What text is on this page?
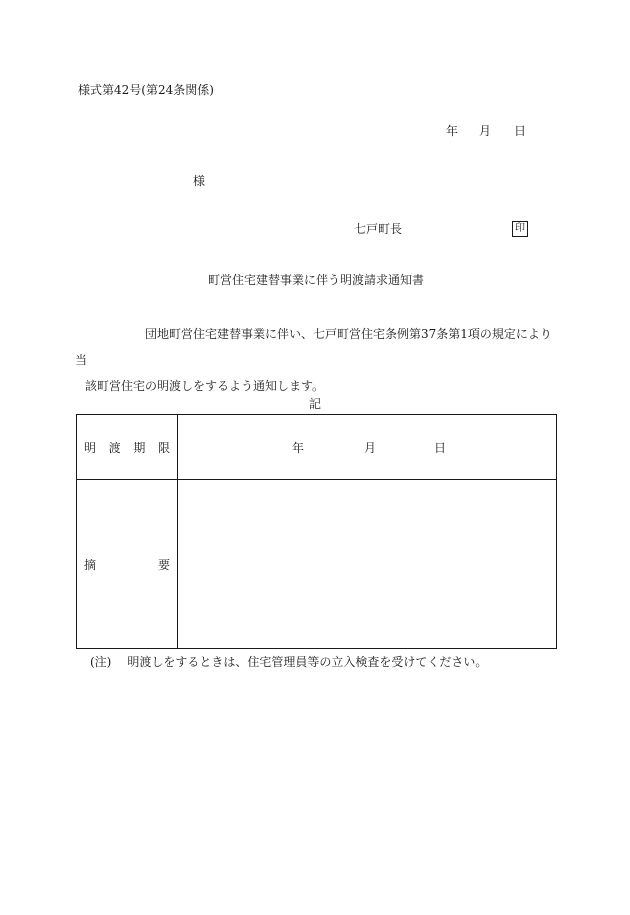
様式第42号(第24条関係)
年 月 日
様
七戸町長	印
町営住宅建替事業に伴う明渡請求通知書

団地町営住宅建替事業に伴い、七戸町営住宅条例第37条第1項の規定により当

該町営住宅の明渡しをするよう通知します。

記
明 渡 期 限	年 月 日

摘 要	

(注) 明渡しをするときは、住宅管理員等の立入検査を受けてください。
